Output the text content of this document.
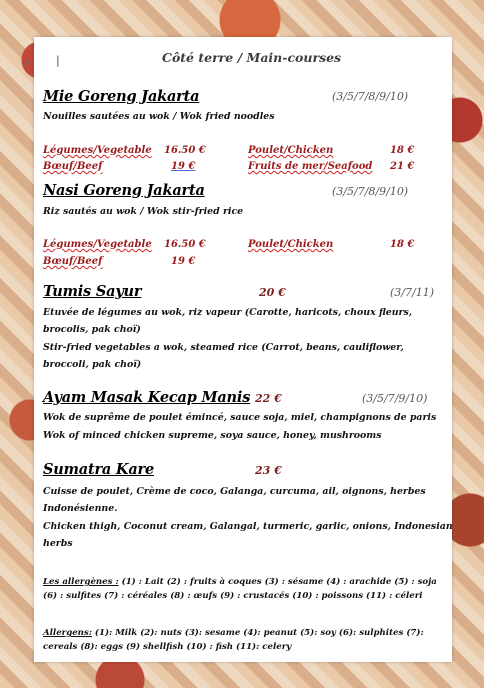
✐ |	Côté terre / Main-courses
Mie Goreng Jakarta	(3/5/7/8/9/10)
Nouilles sautées au wok / Wok fried noodles
Légumes/Vegetable 16.50 €	Poulet/Chicken	18 €
Bœuf/Beef	19 €	Fruits de mer/Seafood 21 €
Nasi Goreng Jakarta	(3/5/7/8/9/10)
Riz sautés au wok / Wok stir-fried rice
Légumes/Vegetable 16.50 €	Poulet/Chicken	18 €
Bœuf/Beef	19 €
Tumis Sayur	20 €	(3/7/11)
Etuvée de légumes au wok, riz vapeur (Carotte, haricots, choux fleurs,
brocolis, pak choï)
Stir-fried vegetables a wok, steamed rice (Carrot, beans, cauliflower,
broccoli, pak choï)
Ayam Masak Kecap Manis 22 €	(3/5/7/9/10)
Wok de suprême de poulet émincé, sauce soja, miel, champignons de paris
Wok of minced chicken supreme, soya sauce, honey, mushrooms
Sumatra Kare	23 €
Cuisse de poulet, Crème de coco, Galanga, curcuma, ail, oignons, herbes
Indonésienne.
Chicken thigh, Coconut cream, Galangal, turmeric, garlic, onions, Indonesian
herbs
Les allergènes : (1) : Lait (2) : fruits à coques (3) : sésame (4) : arachide (5) : soja (6) : sulfites (7) : céréales (8) : œufs (9) : crustacés (10) : poissons (11) : céleri
Allergens: (1): Milk (2): nuts (3): sesame (4): peanut (5): soy (6): sulphites (7): cereals (8): eggs (9) shellfish (10) : fish (11): celery
